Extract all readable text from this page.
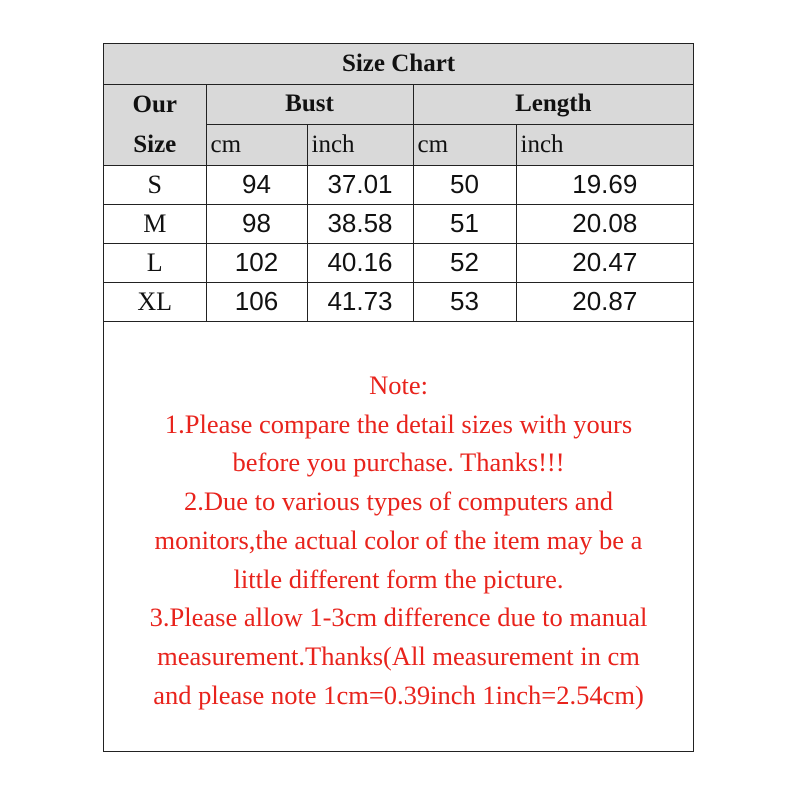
Size Chart				

Our
Size	Bust		Length	
	cm	inch	cm	inch
S	94	37.01	50	19.69
M	98	38.58	51	20.08
L	102	40.16	52	20.47
XL	106	41.73	53	20.87
Note:
1.Please compare the detail sizes with yours
before you purchase. Thanks!!!
2.Due to various types of computers and
monitors,the actual color of the item may be a
little different form the picture.
3.Please allow 1-3cm difference due to manual
measurement.Thanks(All measurement in cm
and please note 1cm=0.39inch 1inch=2.54cm)
